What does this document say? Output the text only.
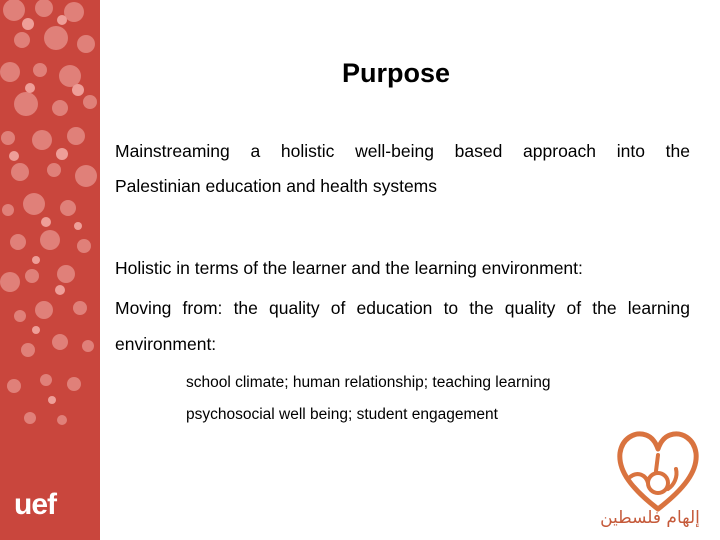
uef
Purpose
Mainstreaming a holistic well-being based approach into the
Palestinian education and health systems
Holistic in terms of the learner and the learning environment:
Moving from: the quality of education to the quality of the learning
environment:
school climate; human relationship; teaching learning
psychosocial well being; student engagement
إلهام فلسطين
